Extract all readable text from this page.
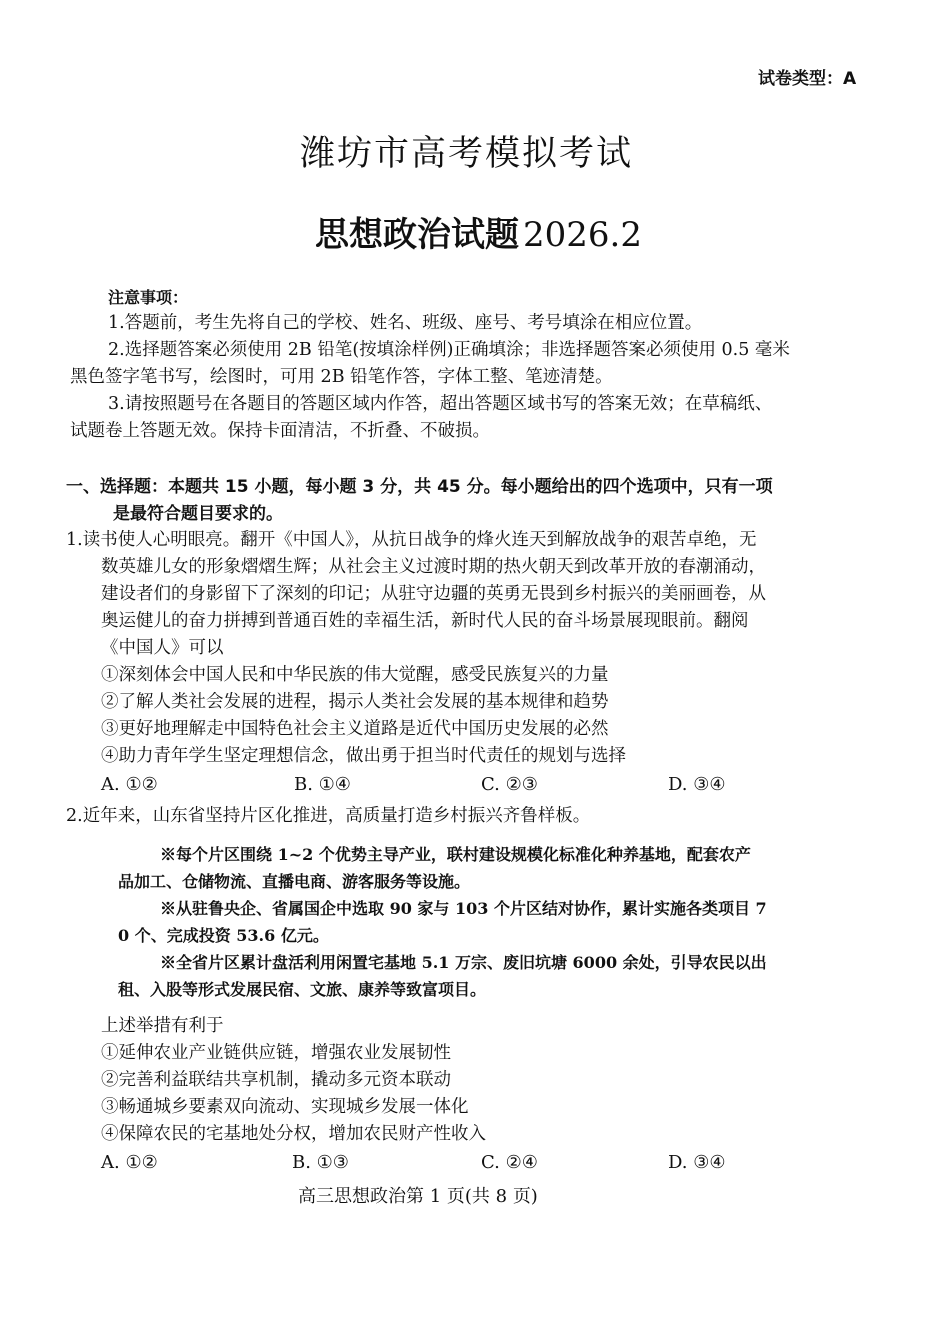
试卷类型：A
潍坊市高考模拟考试
思想政治试题 2026.2
注意事项：
1.答题前，考生先将自己的学校、姓名、班级、座号、考号填涂在相应位置。
2.选择题答案必须使用 2B 铅笔(按填涂样例)正确填涂；非选择题答案必须使用 0.5 毫米
黑色签字笔书写，绘图时，可用 2B 铅笔作答，字体工整、笔迹清楚。
3.请按照题号在各题目的答题区域内作答，超出答题区域书写的答案无效；在草稿纸、
试题卷上答题无效。保持卡面清洁，不折叠、不破损。
一、选择题：本题共 15 小题，每小题 3 分，共 45 分。每小题给出的四个选项中，只有一项
是最符合题目要求的。
1.读书使人心明眼亮。翻开《中国人》，从抗日战争的烽火连天到解放战争的艰苦卓绝，无
数英雄儿女的形象熠熠生辉；从社会主义过渡时期的热火朝天到改革开放的春潮涌动，
建设者们的身影留下了深刻的印记；从驻守边疆的英勇无畏到乡村振兴的美丽画卷，从
奥运健儿的奋力拼搏到普通百姓的幸福生活，新时代人民的奋斗场景展现眼前。翻阅
《中国人》可以
①深刻体会中国人民和中华民族的伟大觉醒，感受民族复兴的力量
②了解人类社会发展的进程，揭示人类社会发展的基本规律和趋势
③更好地理解走中国特色社会主义道路是近代中国历史发展的必然
④助力青年学生坚定理想信念，做出勇于担当时代责任的规划与选择
A. ①②	B. ①④	C. ②③	D. ③④
2.近年来，山东省坚持片区化推进，高质量打造乡村振兴齐鲁样板。
※每个片区围绕 1~2 个优势主导产业，联村建设规模化标准化种养基地，配套农产
品加工、仓储物流、直播电商、游客服务等设施。
※从驻鲁央企、省属国企中选取 90 家与 103 个片区结对协作，累计实施各类项目 7
0 个、完成投资 53.6 亿元。
※全省片区累计盘活利用闲置宅基地 5.1 万宗、废旧坑塘 6000 余处，引导农民以出
租、入股等形式发展民宿、文旅、康养等致富项目。
上述举措有利于
①延伸农业产业链供应链，增强农业发展韧性
②完善利益联结共享机制，撬动多元资本联动
③畅通城乡要素双向流动、实现城乡发展一体化
④保障农民的宅基地处分权，增加农民财产性收入
A. ①②	B. ①③	C. ②④	D. ③④
高三思想政治第 1 页(共 8 页)
